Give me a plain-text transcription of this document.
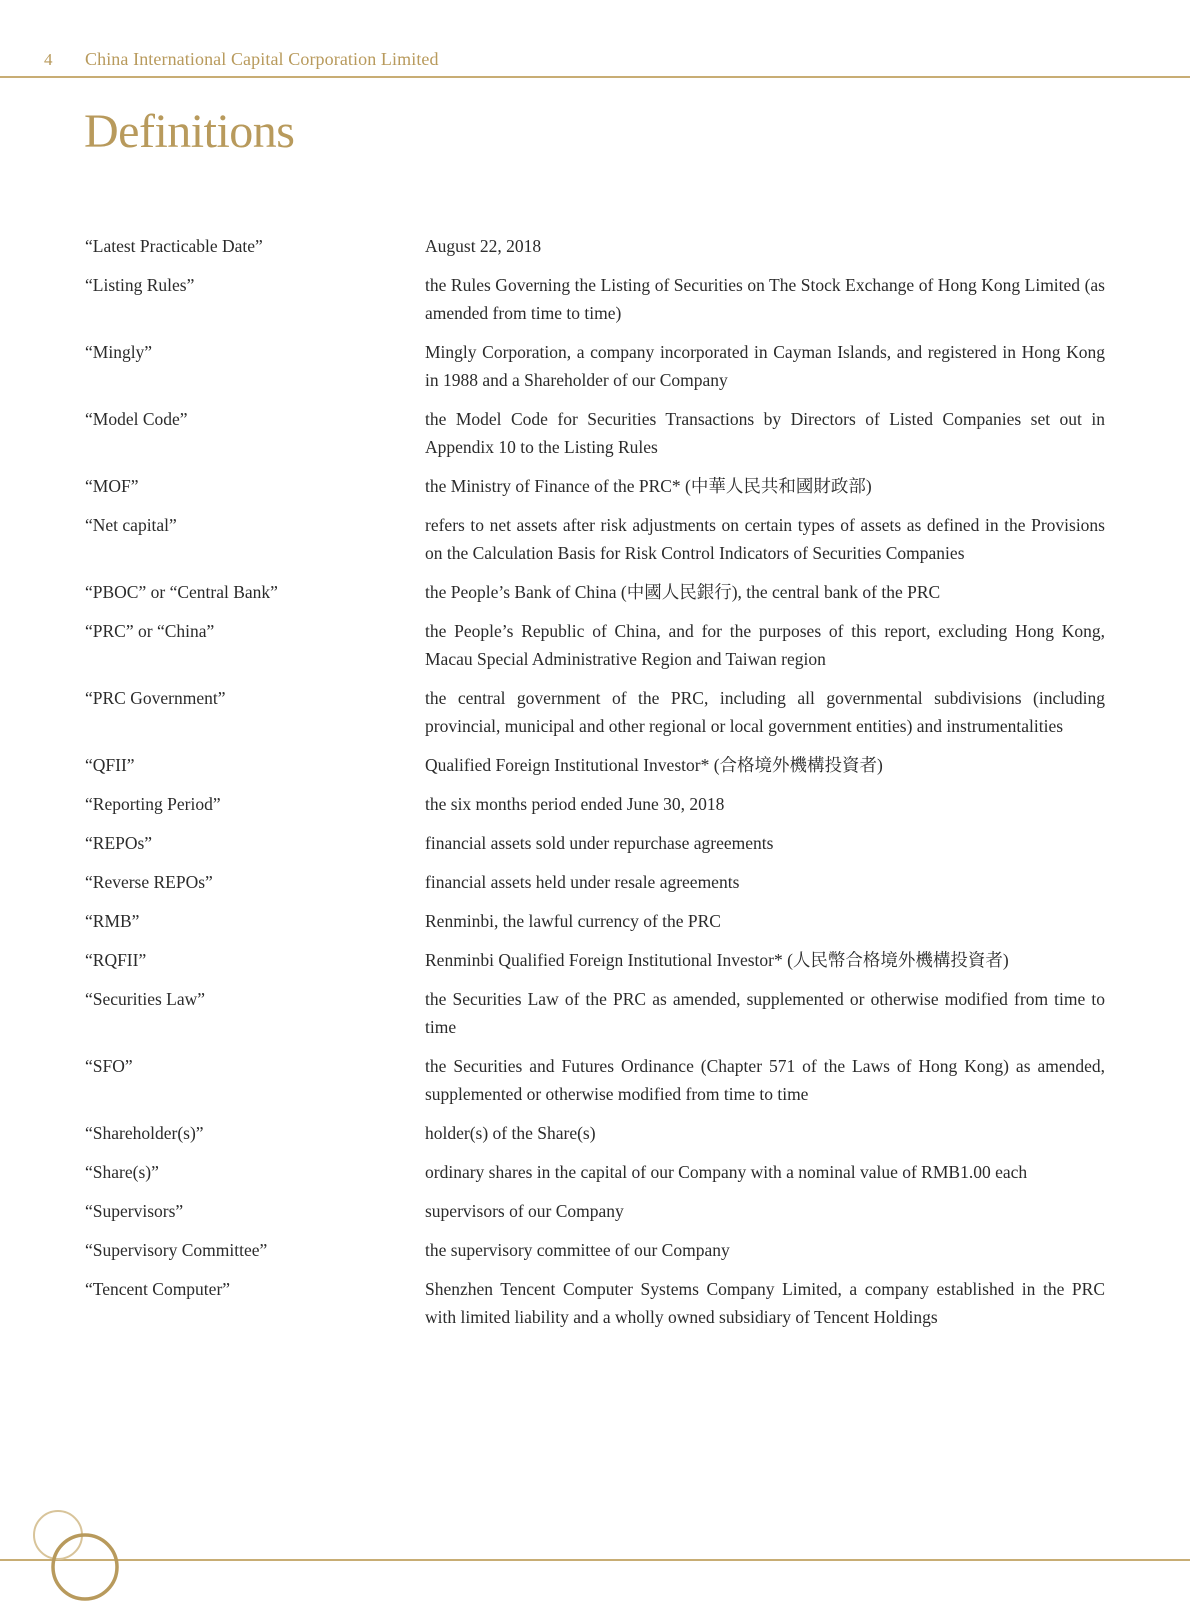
4 China International Capital Corporation Limited
Definitions
“Latest Practicable Date”	August 22, 2018
“Listing Rules”	the Rules Governing the Listing of Securities on The Stock Exchange of Hong Kong Limited (as amended from time to time)
“Mingly”	Mingly Corporation, a company incorporated in Cayman Islands, and registered in Hong Kong in 1988 and a Shareholder of our Company
“Model Code”	the Model Code for Securities Transactions by Directors of Listed Companies set out in Appendix 10 to the Listing Rules
“MOF”	the Ministry of Finance of the PRC* (中華人民共和國財政部)
“Net capital”	refers to net assets after risk adjustments on certain types of assets as defined in the Provisions on the Calculation Basis for Risk Control Indicators of Securities Companies
“PBOC” or “Central Bank”	the People’s Bank of China (中國人民銀行), the central bank of the PRC
“PRC” or “China”	the People’s Republic of China, and for the purposes of this report, excluding Hong Kong, Macau Special Administrative Region and Taiwan region
“PRC Government”	the central government of the PRC, including all governmental subdivisions (including provincial, municipal and other regional or local government entities) and instrumentalities
“QFII”	Qualified Foreign Institutional Investor* (合格境外機構投資者)
“Reporting Period”	the six months period ended June 30, 2018
“REPOs”	financial assets sold under repurchase agreements
“Reverse REPOs”	financial assets held under resale agreements
“RMB”	Renminbi, the lawful currency of the PRC
“RQFII”	Renminbi Qualified Foreign Institutional Investor* (人民幣合格境外機構投資者)
“Securities Law”	the Securities Law of the PRC as amended, supplemented or otherwise modified from time to time
“SFO”	the Securities and Futures Ordinance (Chapter 571 of the Laws of Hong Kong) as amended, supplemented or otherwise modified from time to time
“Shareholder(s)”	holder(s) of the Share(s)
“Share(s)”	ordinary shares in the capital of our Company with a nominal value of RMB1.00 each
“Supervisors”	supervisors of our Company
“Supervisory Committee”	the supervisory committee of our Company
“Tencent Computer”	Shenzhen Tencent Computer Systems Company Limited, a company established in the PRC with limited liability and a wholly owned subsidiary of Tencent Holdings
